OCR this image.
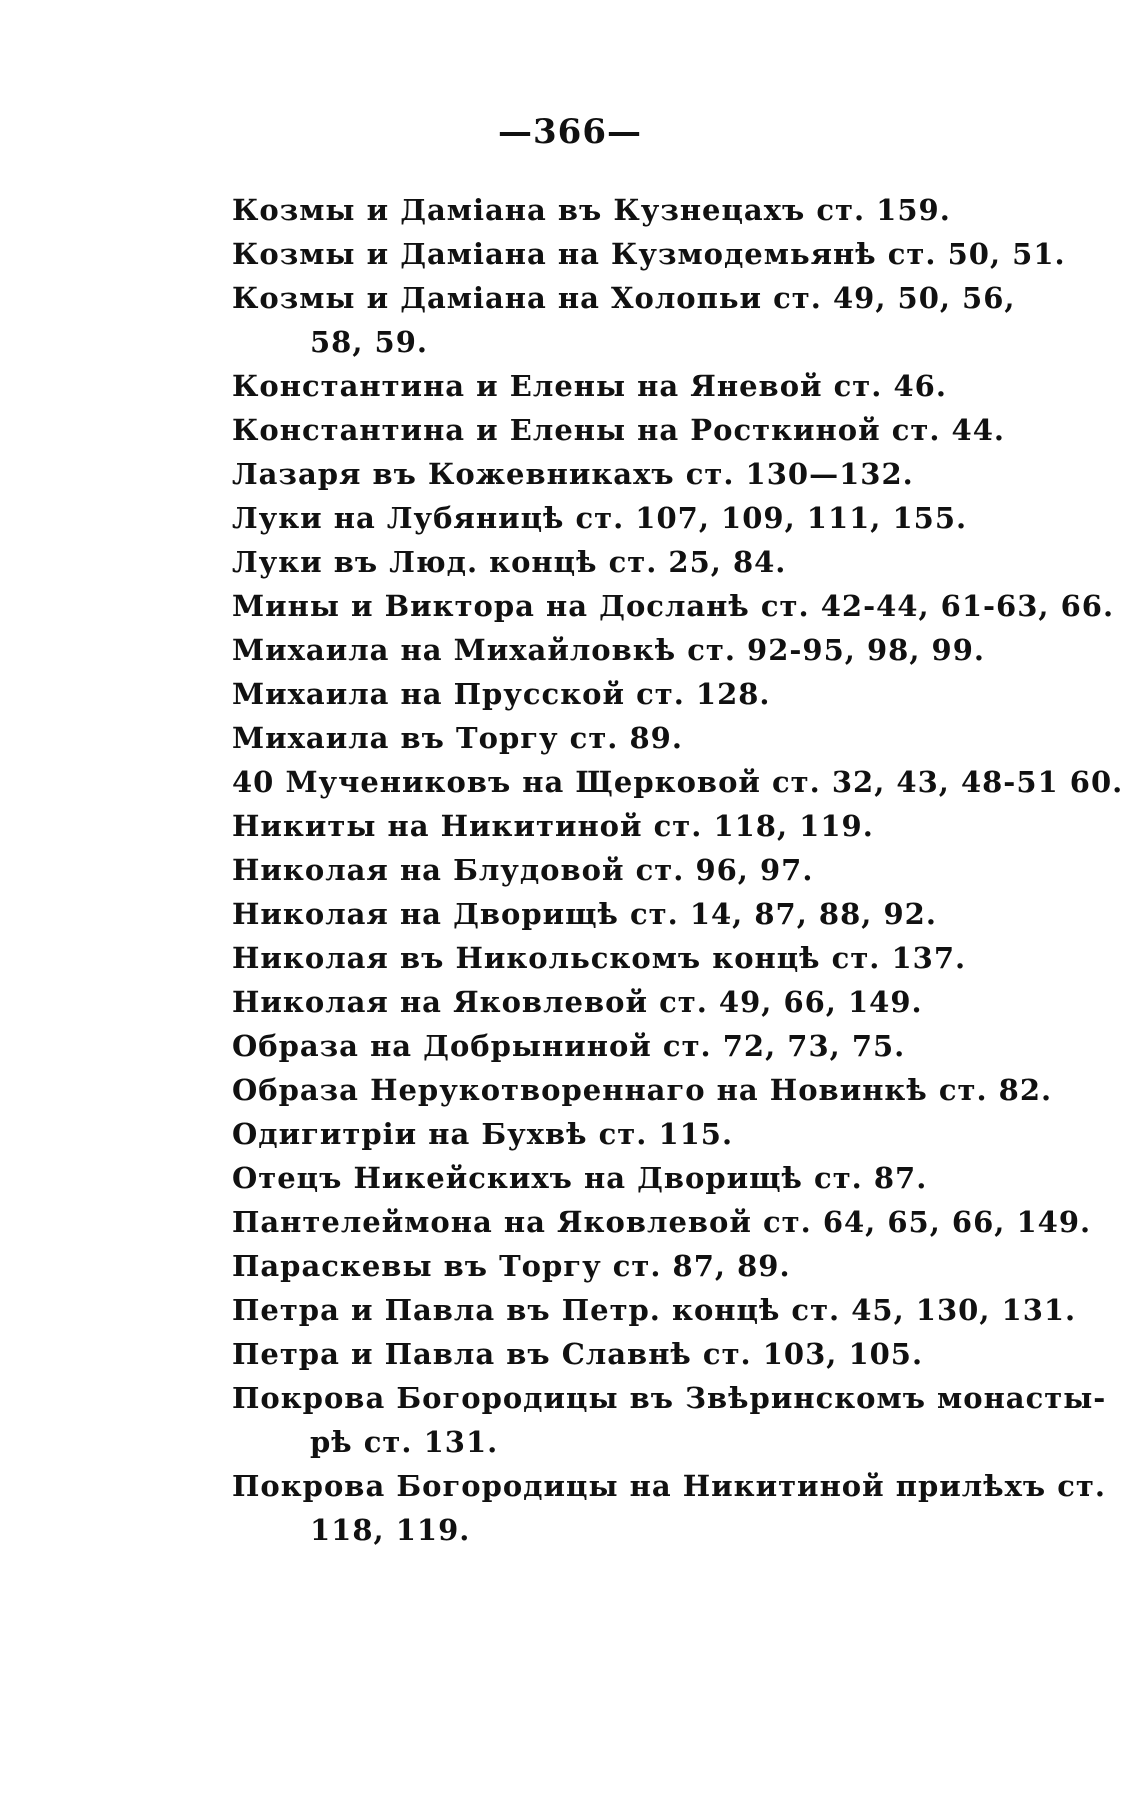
—366—
Козмы и Даміана въ Кузнецахъ ст. 159.
Козмы и Даміана на Кузмодемьянѣ ст. 50, 51.
Козмы и Даміана на Холопьи ст. 49, 50, 56,
58, 59.
Константина и Елены на Яневой ст. 46.
Константина и Елены на Росткиной ст. 44.
Лазаря въ Кожевникахъ ст. 130—132.
Луки на Лубяницѣ ст. 107, 109, 111, 155.
Луки въ Люд. концѣ ст. 25, 84.
Мины и Виктора на Досланѣ ст. 42-44, 61-63, 66.
Михаила на Михайловкѣ ст. 92-95, 98, 99.
Михаила на Прусской ст. 128.
Михаила въ Торгу ст. 89.
40 Мучениковъ на Щерковой ст. 32, 43, 48-51 60.
Никиты на Никитиной ст. 118, 119.
Николая на Блудовой ст. 96, 97.
Николая на Дворищѣ ст. 14, 87, 88, 92.
Николая въ Никольскомъ концѣ ст. 137.
Николая на Яковлевой ст. 49, 66, 149.
Образа на Добрыниной ст. 72, 73, 75.
Образа Нерукотвореннаго на Новинкѣ ст. 82.
Одигитріи на Бухвѣ ст. 115.
Отецъ Никейскихъ на Дворищѣ ст. 87.
Пантелеймона на Яковлевой ст. 64, 65, 66, 149.
Параскевы въ Торгу ст. 87, 89.
Петра и Павла въ Петр. концѣ ст. 45, 130, 131.
Петра и Павла въ Славнѣ ст. 103, 105.
Покрова Богородицы въ Звѣринскомъ монасты-
рѣ ст. 131.
Покрова Богородицы на Никитиной прилѣхъ ст.
118, 119.
